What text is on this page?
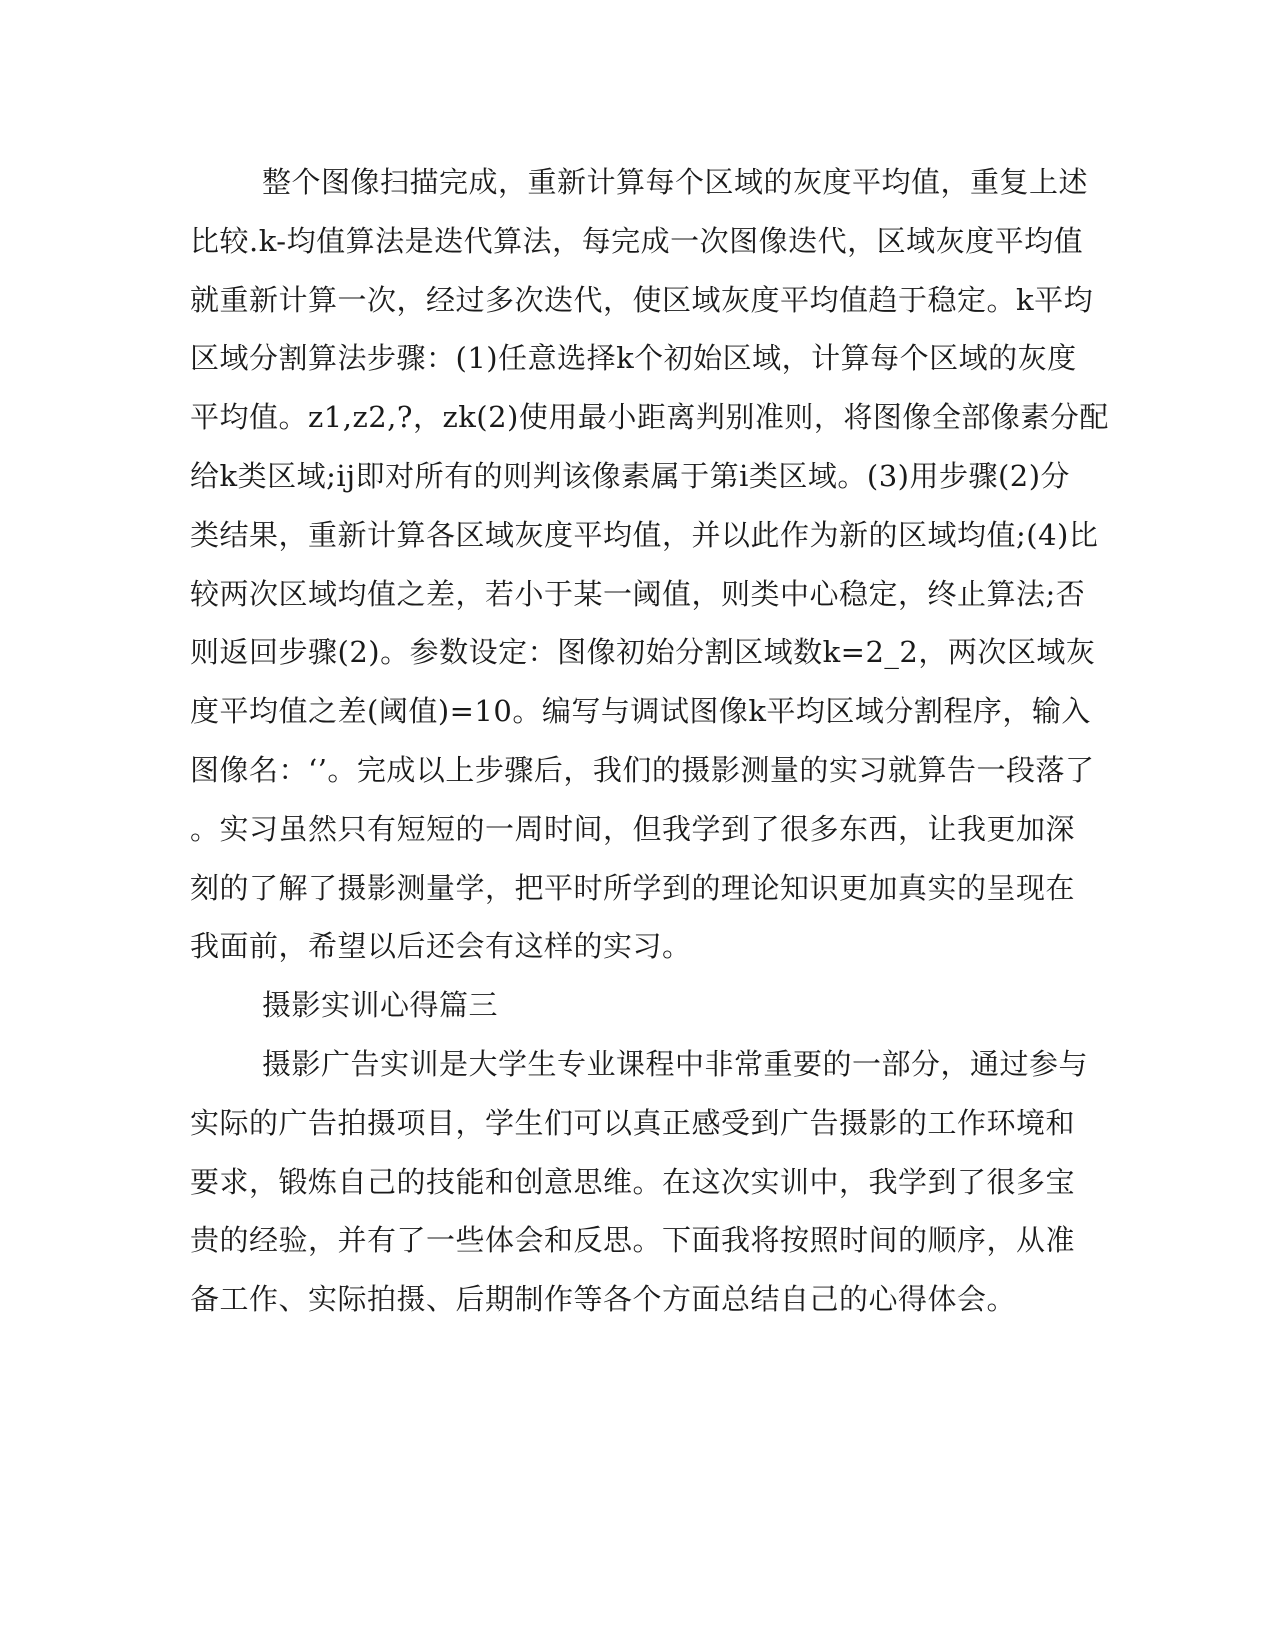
整个图像扫描完成，重新计算每个区域的灰度平均值，重复上述
比较.k-均值算法是迭代算法，每完成一次图像迭代，区域灰度平均值
就重新计算一次，经过多次迭代，使区域灰度平均值趋于稳定。k平均
区域分割算法步骤：(1)任意选择k个初始区域，计算每个区域的灰度
平均值。z1,z2,?，zk(2)使用最小距离判别准则，将图像全部像素分配
给k类区域;ij即对所有的则判该像素属于第i类区域。(3)用步骤(2)分
类结果，重新计算各区域灰度平均值，并以此作为新的区域均值;(4)比
较两次区域均值之差，若小于某一阈值，则类中心稳定，终止算法;否
则返回步骤(2)。参数设定：图像初始分割区域数k=2_2，两次区域灰
度平均值之差(阈值)=10。编写与调试图像k平均区域分割程序，输入
图像名：‘’。完成以上步骤后，我们的摄影测量的实习就算告一段落了
。实习虽然只有短短的一周时间，但我学到了很多东西，让我更加深
刻的了解了摄影测量学，把平时所学到的理论知识更加真实的呈现在
我面前，希望以后还会有这样的实习。
摄影实训心得篇三
摄影广告实训是大学生专业课程中非常重要的一部分，通过参与
实际的广告拍摄项目，学生们可以真正感受到广告摄影的工作环境和
要求，锻炼自己的技能和创意思维。在这次实训中，我学到了很多宝
贵的经验，并有了一些体会和反思。下面我将按照时间的顺序，从准
备工作、实际拍摄、后期制作等各个方面总结自己的心得体会。
